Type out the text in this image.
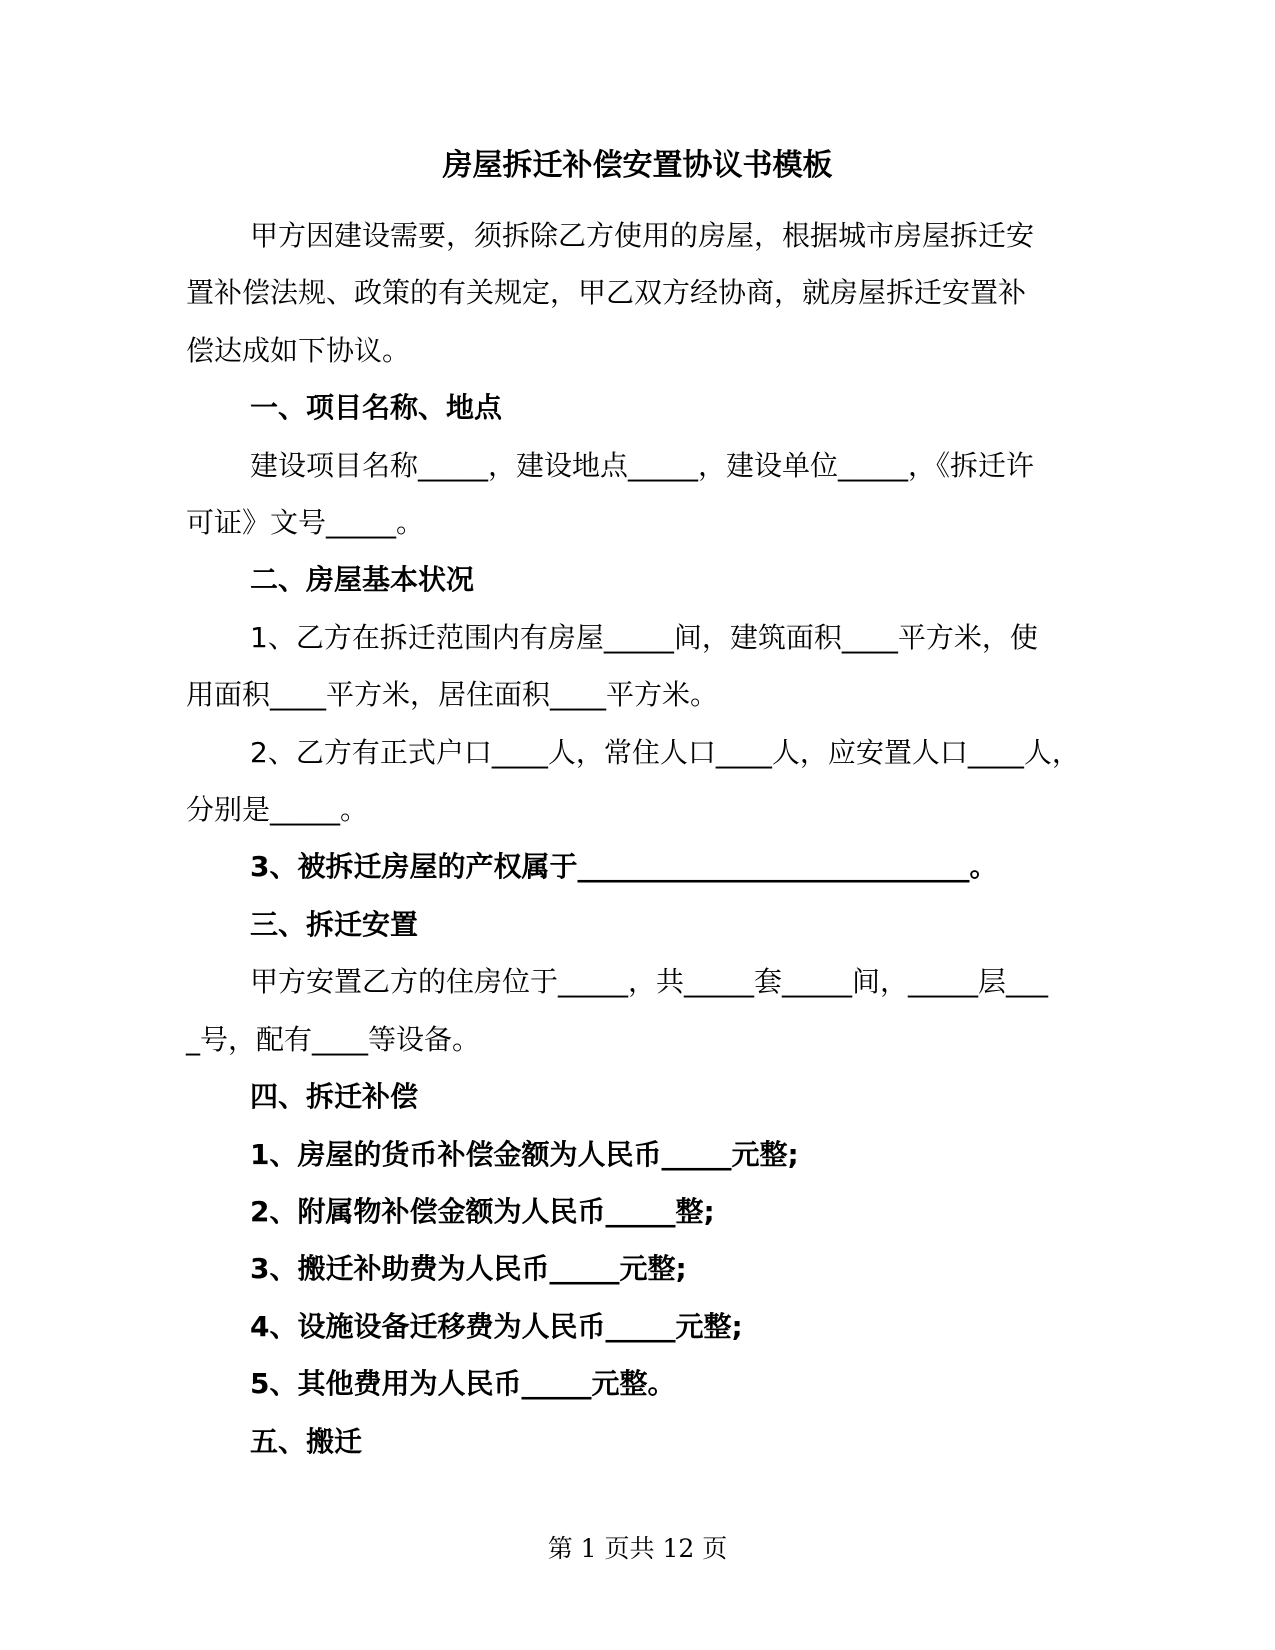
房屋拆迁补偿安置协议书模板

甲方因建设需要，须拆除乙方使用的房屋，根据城市房屋拆迁安

置补偿法规、政策的有关规定，甲乙双方经协商，就房屋拆迁安置补

偿达成如下协议。

一、项目名称、地点

建设项目名称_____，建设地点_____，建设单位_____，《拆迁许

可证》文号_____。

二、房屋基本状况

1、乙方在拆迁范围内有房屋_____间，建筑面积____平方米，使

用面积____平方米，居住面积____平方米。

2、乙方有正式户口____人，常住人口____人，应安置人口____人，

分别是_____。

3、被拆迁房屋的产权属于____________________________。

三、拆迁安置

甲方安置乙方的住房位于_____，共_____套_____间，_____层___

_号，配有____等设备。

四、拆迁补偿

1、房屋的货币补偿金额为人民币_____元整;

2、附属物补偿金额为人民币_____整;

3、搬迁补助费为人民币_____元整;

4、设施设备迁移费为人民币_____元整;

5、其他费用为人民币_____元整。

五、搬迁

第 1 页共 12 页
